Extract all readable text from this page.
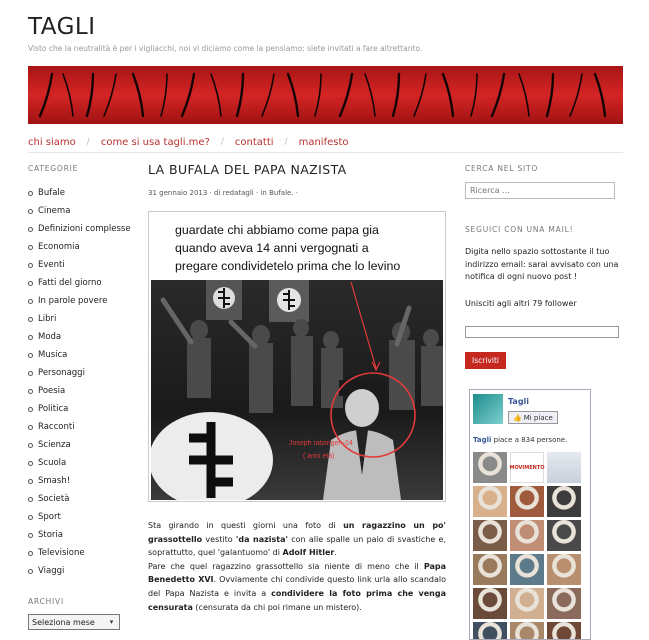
TAGLI
Visto che la neutralità è per i vigliacchi, noi vi diciamo come la pensiamo: siete invitati a fare altrettanto.
chi siamo / come si usa tagli.me? / contatti / manifesto
CATEGORIE
Bufale
Cinema
Definizioni complesse
Economia
Eventi
Fatti del giorno
In parole povere
Libri
Moda
Musica
Personaggi
Poesia
Politica
Racconti
Scienza
Scuola
Smash!
Società
Sport
Storia
Televisione
Viaggi
ARCHIVI
Seleziona mese	▾
LA BUFALA DEL PAPA NAZISTA
31 gennaio 2013 · di redatagli · in Bufale. ·
guardate chi abbiamo come papa gia
quando aveva 14 anni vergognati a
pregare condividetelo prima che lo levino
Joseph ratzinger -14
( anni età)

Sta girando in questi giorni una foto di un ragazzino un po' grassottello vestito 'da nazista' con alle spalle un paio di svastiche e, soprattutto, quel 'galantuomo' di Adolf Hitler.

Pare che quel ragazzino grassottello sia niente di meno che il Papa Benedetto XVI. Ovviamente chi condivide questo link urla allo scandalo del Papa Nazista e invita a condividere la foto prima che venga censurata (censurata da chi poi rimane un mistero).

CERCA NEL SITO
Ricerca …
SEGUICI CON UNA MAIL!
Digita nello spazio sottostante il tuo indirizzo email: sarai avvisato con una notifica di ogni nuovo post !
Unisciti agli altri 79 follower
Iscriviti
Tagli
👍 Mi piace
Tagli piace a 834 persone.
MOVIMENTO
